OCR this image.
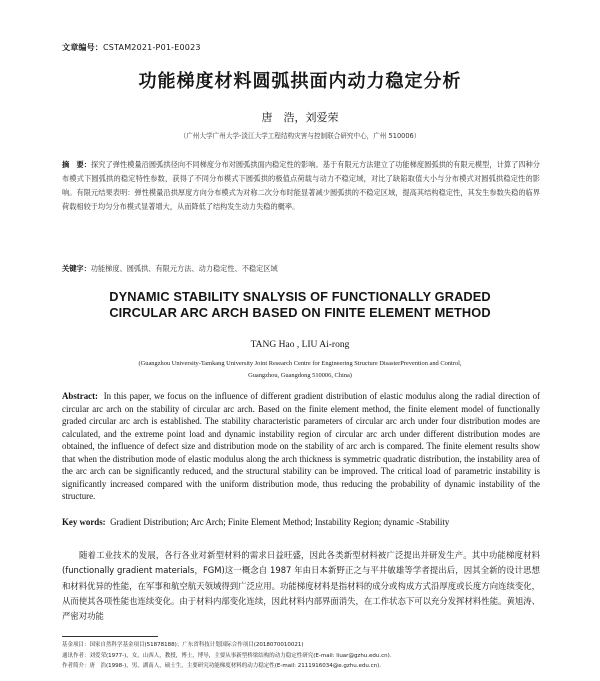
文章编号：CSTAM2021-P01-E0023
功能梯度材料圆弧拱面内动力稳定分析
唐　浩，刘爱荣
（广州大学广州大学-淡江大学工程结构灾害与控制联合研究中心，广州 510006）
摘　要：探究了弹性模量沿圆弧拱径向不同梯度分布对圆弧拱面内稳定性的影响。基于有限元方法建立了功能梯度圆弧拱的有限元模型，计算了四种分布模式下圆弧拱的稳定特性参数，获得了不同分布模式下圆弧拱的极值点荷载与动力不稳定域，对比了缺陷取值大小与分布模式对圆弧拱稳定性的影响。有限元结果表明：弹性模量沿拱厚度方向分布模式为对称二次分布时能显著减少圆弧拱的不稳定区域，提高其结构稳定性，其发生参数失稳的临界荷载相较于均匀分布模式显著增大，从而降低了结构发生动力失稳的概率。
关键字：功能梯度、圆弧拱、有限元方法、动力稳定性、不稳定区域
DYNAMIC STABILITY SNALYSIS OF FUNCTIONALLY GRADED
CIRCULAR ARC ARCH BASED ON FINITE ELEMENT METHOD
TANG Hao , LIU Ai-rong
(Guangzhou University-Tamkang University Joint Research Centre for Engineering Structure DisasterPrevention and Control,
Guangzhou, Guangdong 510006, China)
Abstract: In this paper, we focus on the influence of different gradient distribution of elastic modulus along the radial direction of circular arc arch on the stability of circular arc arch. Based on the finite element method, the finite element model of functionally graded circular arc arch is established. The stability characteristic parameters of circular arc arch under four distribution modes are calculated, and the extreme point load and dynamic instability region of circular arc arch under different distribution modes are obtained, the influence of defect size and distribution mode on the stability of arc arch is compared. The finite element results show that when the distribution mode of elastic modulus along the arch thickness is symmetric quadratic distribution, the instability area of the arc arch can be significantly reduced, and the structural stability can be improved. The critical load of parametric instability is significantly increased compared with the uniform distribution mode, thus reducing the probability of dynamic instability of the structure.
Key words: Gradient Distribution; Arc Arch; Finite Element Method; Instability Region; dynamic -Stability
随着工业技术的发展，各行各业对新型材料的需求日益旺盛，因此各类新型材料被广泛提出并研发生产。其中功能梯度材料(functionally gradient materials，FGM)这一概念自 1987 年由日本新野正之与平井敏雄等学者提出后，因其全新的设计思想和材料优异的性能，在军事和航空航天领域得到广泛应用。功能梯度材料是指材料的成分或构成方式沿厚度或长度方向连续变化，从而使其各项性能也连续变化。由于材料内部变化连续，因此材料内部界面消失，在工作状态下可以充分发挥材料性能。黄旭涛、严密对功能
基金项目：国家自然科学基金项目(51878188)；广东省科技计划国际合作项目(2018070010021)
通讯作者：刘爱荣(1977-)，女，山西人，教授，博士，博导，主要从事新型桥梁结构的动力稳定性研究(E-mail: liuar@gzhu.edu.cn).
作者简介：唐　浩(1998-)，男，湖南人，硕士生，主要研究功能梯度材料的动力稳定性(E-mail: 2111916034@e.gzhu.edu.cn).
